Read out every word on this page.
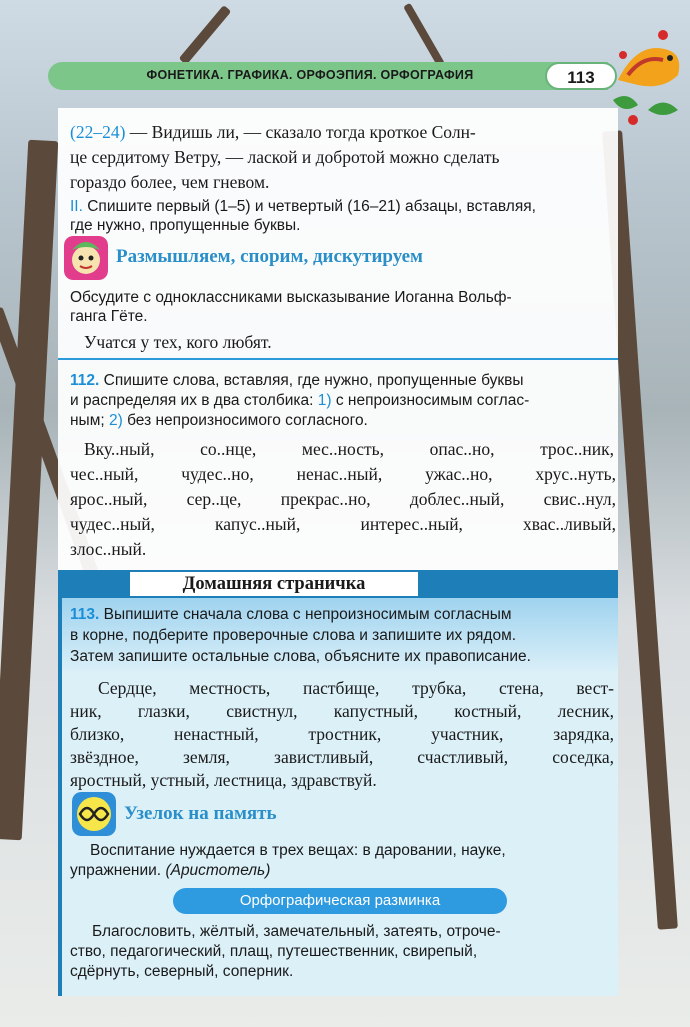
ФОНЕТИКА. ГРАФИКА. ОРФОЭПИЯ. ОРФОГРАФИЯ	113

(22–24) — Видишь ли, — сказало тогда кроткое Солн-

це сердитому Ветру, — лаской и добротой можно сделать

гораздо более, чем гневом.

II. Спишите первый (1–5) и четвертый (16–21) абзацы, вставляя,

где нужно, пропущенные буквы.

Размышляем, спорим, дискутируем

Обсудите с одноклассниками высказывание Иоганна Вольф-

ганга Гёте.

Учатся у тех, кого любят.

112. Спишите слова, вставляя, где нужно, пропущенные буквы

и распределяя их в два столбика: 1) с непроизносимым соглас-

ным; 2) без непроизносимого согласного.

Вку..ный, со..нце, мес..ность, опас..но, трос..ник,

чес..ный, чудес..но, ненас..ный, ужас..но, хрус..нуть,

ярос..ный, сер..це, прекрас..но, доблес..ный, свис..нул,

чудес..ный, капус..ный, интерес..ный, хвас..ливый,

злос..ный.

Домашняя страничка

113. Выпишите сначала слова с непроизносимым согласным

в корне, подберите проверочные слова и запишите их рядом.

Затем запишите остальные слова, объясните их правописание.

Сердце, местность, пастбище, трубка, стена, вест-

ник, глазки, свистнул, капустный, костный, лесник,

близко, ненастный, тростник, участник, зарядка,

звёздное, земля, завистливый, счастливый, соседка,

яростный, устный, лестница, здравствуй.

Узелок на память

Воспитание нуждается в трех вещах: в даровании, науке,

упражнении. (Аристотель)

Орфографическая разминка

Благословить, жёлтый, замечательный, затеять, отроче-

ство, педагогический, плащ, путешественник, свирепый,

сдёрнуть, северный, соперник.
